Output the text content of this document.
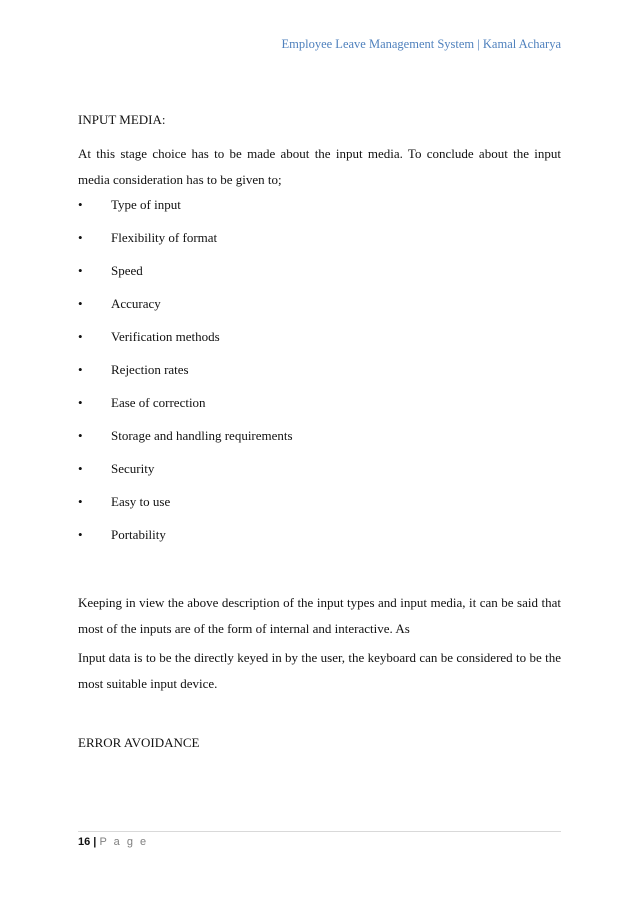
Employee Leave Management System | Kamal Acharya
INPUT MEDIA:
At this stage choice has to be made about the input media. To conclude about the input media consideration has to be given to;
•	Type of input
•	Flexibility of format
•	Speed
•	Accuracy
•	Verification methods
•	Rejection rates
•	Ease of correction
•	Storage and handling requirements
•	Security
•	Easy to use
•	Portability
Keeping in view the above description of the input types and input media, it can be said that most of the inputs are of the form of internal and interactive. As
Input data is to be the directly keyed in by the user, the keyboard can be considered to be the most suitable input device.
ERROR AVOIDANCE
16 | P a g e
